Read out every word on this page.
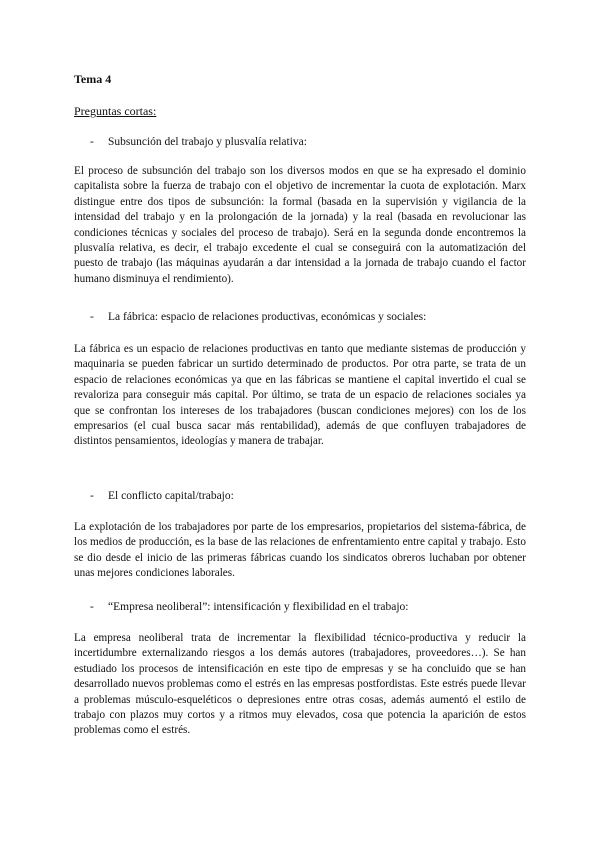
Tema 4
Preguntas cortas:
- Subsunción del trabajo y plusvalía relativa:

El proceso de subsunción del trabajo son los diversos modos en que se ha expresado el dominio capitalista sobre la fuerza de trabajo con el objetivo de incrementar la cuota de explotación. Marx distingue entre dos tipos de subsunción: la formal (basada en la supervisión y vigilancia de la intensidad del trabajo y en la prolongación de la jornada) y la real (basada en revolucionar las condiciones técnicas y sociales del proceso de trabajo). Será en la segunda donde encontremos la plusvalía relativa, es decir, el trabajo excedente el cual se conseguirá con la automatización del puesto de trabajo (las máquinas ayudarán a dar intensidad a la jornada de trabajo cuando el factor humano disminuya el rendimiento).

- La fábrica: espacio de relaciones productivas, económicas y sociales:

La fábrica es un espacio de relaciones productivas en tanto que mediante sistemas de producción y maquinaria se pueden fabricar un surtido determinado de productos. Por otra parte, se trata de un espacio de relaciones económicas ya que en las fábricas se mantiene el capital invertido el cual se revaloriza para conseguir más capital. Por último, se trata de un espacio de relaciones sociales ya que se confrontan los intereses de los trabajadores (buscan condiciones mejores) con los de los empresarios (el cual busca sacar más rentabilidad), además de que confluyen trabajadores de distintos pensamientos, ideologías y manera de trabajar.

- El conflicto capital/trabajo:

La explotación de los trabajadores por parte de los empresarios, propietarios del sistema-fábrica, de los medios de producción, es la base de las relaciones de enfrentamiento entre capital y trabajo. Esto se dio desde el inicio de las primeras fábricas cuando los sindicatos obreros luchaban por obtener unas mejores condiciones laborales.

- “Empresa neoliberal”: intensificación y flexibilidad en el trabajo:

La empresa neoliberal trata de incrementar la flexibilidad técnico-productiva y reducir la incertidumbre externalizando riesgos a los demás autores (trabajadores, proveedores…). Se han estudiado los procesos de intensificación en este tipo de empresas y se ha concluido que se han desarrollado nuevos problemas como el estrés en las empresas postfordistas. Este estrés puede llevar a problemas músculo-esqueléticos o depresiones entre otras cosas, además aumentó el estilo de trabajo con plazos muy cortos y a ritmos muy elevados, cosa que potencia la aparición de estos problemas como el estrés.
